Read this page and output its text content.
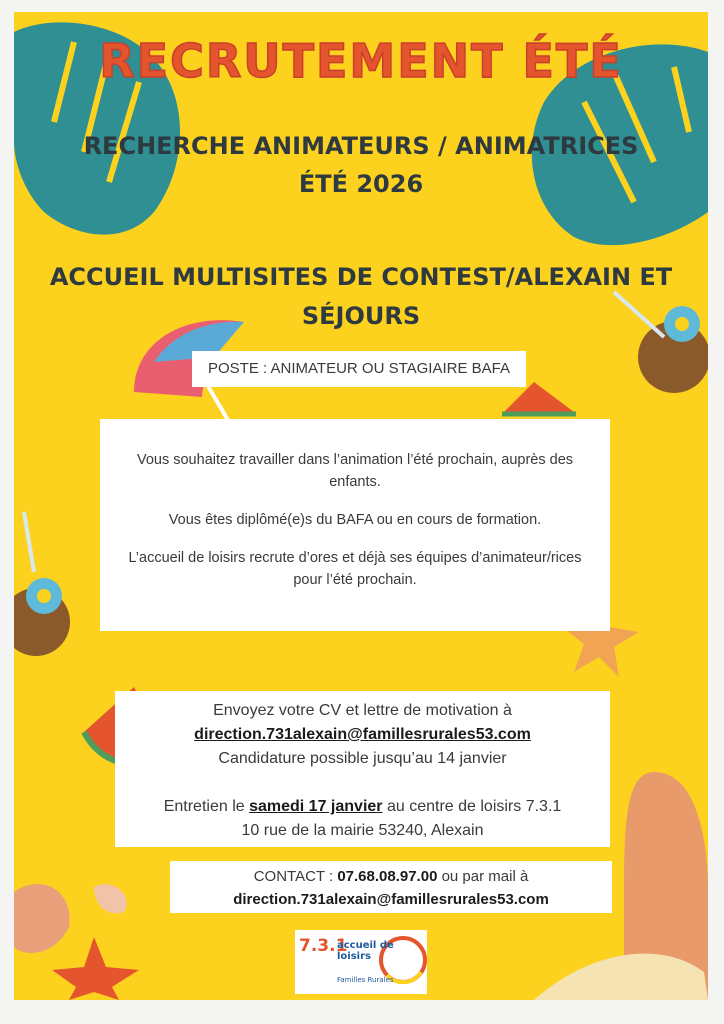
RECRUTEMENT ÉTÉ
RECHERCHE ANIMATEURS / ANIMATRICES
ÉTÉ 2026
ACCUEIL MULTISITES DE CONTEST/ALEXAIN ET
SÉJOURS
POSTE : ANIMATEUR OU STAGIAIRE BAFA

Vous souhaitez travailler dans l’animation l’été prochain, auprès des enfants.

Vous êtes diplômé(e)s du BAFA ou en cours de formation.

L’accueil de loisirs recrute d’ores et déjà ses équipes d’animateur/rices pour l’été prochain.

Envoyez votre CV et lettre de motivation à

direction.731alexain@famillesrurales53.com

Candidature possible jusqu’au 14 janvier

Entretien le samedi 17 janvier au centre de loisirs 7.3.1

10 rue de la mairie 53240, Alexain

CONTACT : 07.68.08.97.00 ou par mail à
direction.731alexain@famillesrurales53.com
7.3.1
accueil de loisirs
Familles Rurales
